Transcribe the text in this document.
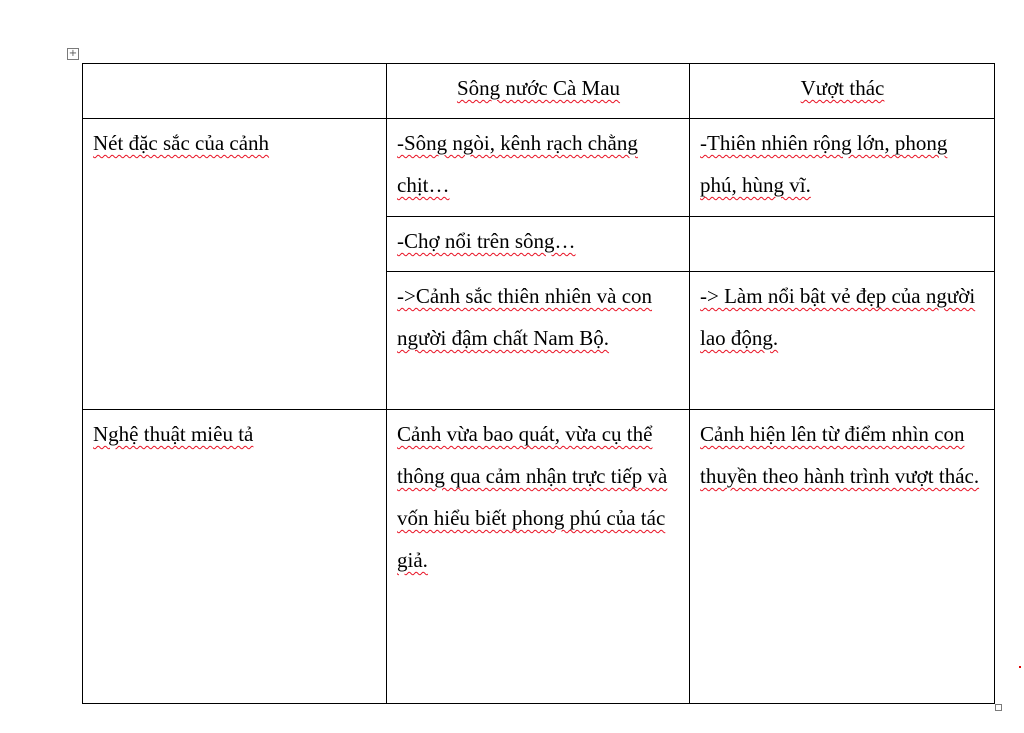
+
	Sông nước Cà Mau	Vượt thác
Nét đặc sắc của cảnh	-Sông ngòi, kênh rạch chằng chịt…	-Thiên nhiên rộng lớn, phong phú, hùng vĩ.
	-Chợ nổi trên sông…	
	->Cảnh sắc thiên nhiên và con người đậm chất Nam Bộ.	-> Làm nổi bật vẻ đẹp của người lao động.
Nghệ thuật miêu tả	Cảnh vừa bao quát, vừa cụ thể thông qua cảm nhận trực tiếp và vốn hiểu biết phong phú của tác giả.	Cảnh hiện lên từ điểm nhìn con thuyền theo hành trình vượt thác.
